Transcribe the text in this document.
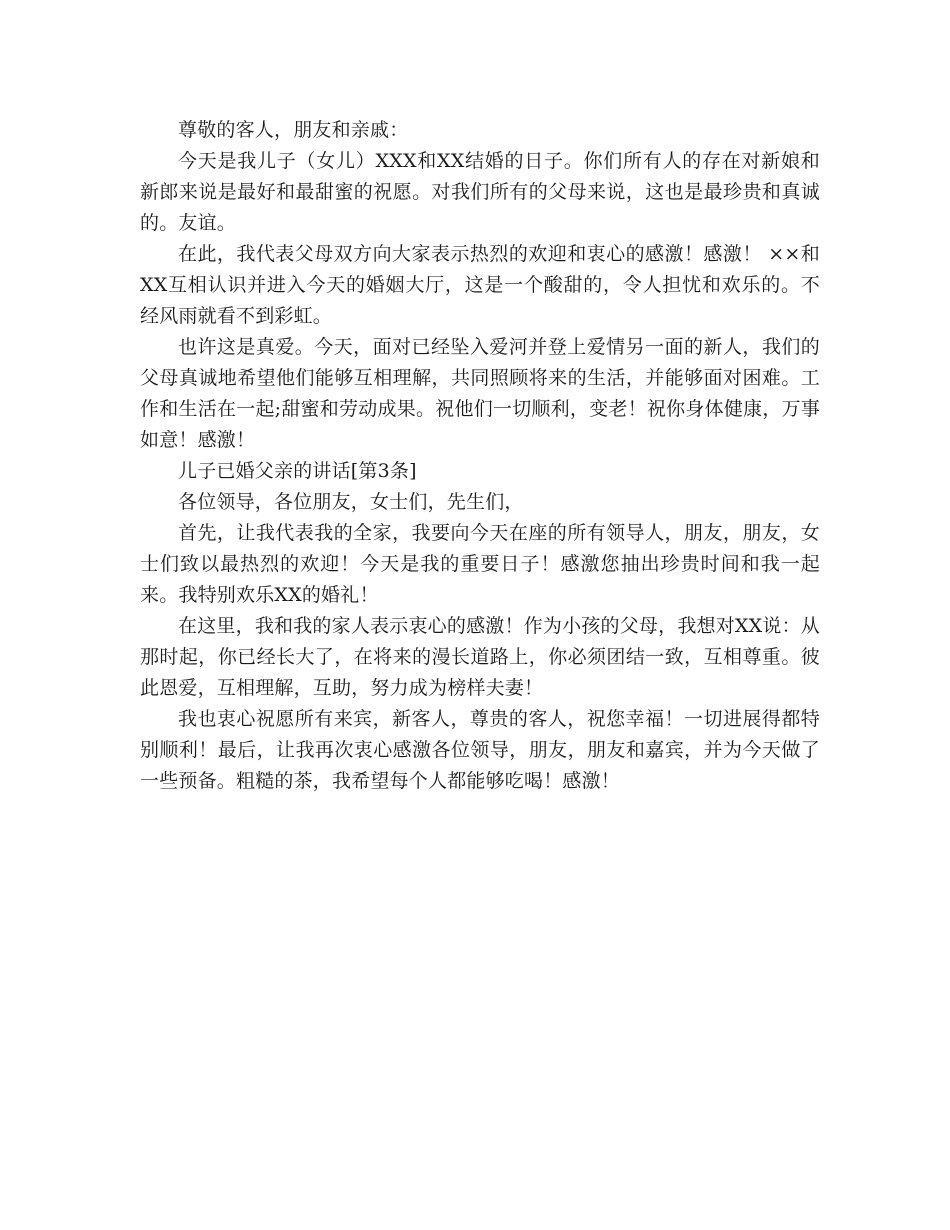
尊敬的客人，朋友和亲戚：

今天是我儿子（女儿）XXX和XX结婚的日子。你们所有人的存在对新娘和新郎来说是最好和最甜蜜的祝愿。对我们所有的父母来说，这也是最珍贵和真诚的。友谊。

在此，我代表父母双方向大家表示热烈的欢迎和衷心的感激！感激！ ××和XX互相认识并进入今天的婚姻大厅，这是一个酸甜的，令人担忧和欢乐的。不经风雨就看不到彩虹。

也许这是真爱。今天，面对已经坠入爱河并登上爱情另一面的新人，我们的父母真诚地希望他们能够互相理解，共同照顾将来的生活，并能够面对困难。工作和生活在一起;甜蜜和劳动成果。祝他们一切顺利，变老！祝你身体健康，万事如意！感激！

儿子已婚父亲的讲话[第3条]

各位领导，各位朋友，女士们，先生们，

首先，让我代表我的全家，我要向今天在座的所有领导人，朋友，朋友，女士们致以最热烈的欢迎！今天是我的重要日子！感激您抽出珍贵时间和我一起来。我特别欢乐XX的婚礼！

在这里，我和我的家人表示衷心的感激！作为小孩的父母，我想对XX说：从那时起，你已经长大了，在将来的漫长道路上，你必须团结一致，互相尊重。彼此恩爱，互相理解，互助，努力成为榜样夫妻！

我也衷心祝愿所有来宾，新客人，尊贵的客人，祝您幸福！一切进展得都特别顺利！最后，让我再次衷心感激各位领导，朋友，朋友和嘉宾，并为今天做了一些预备。粗糙的茶，我希望每个人都能够吃喝！感激！
